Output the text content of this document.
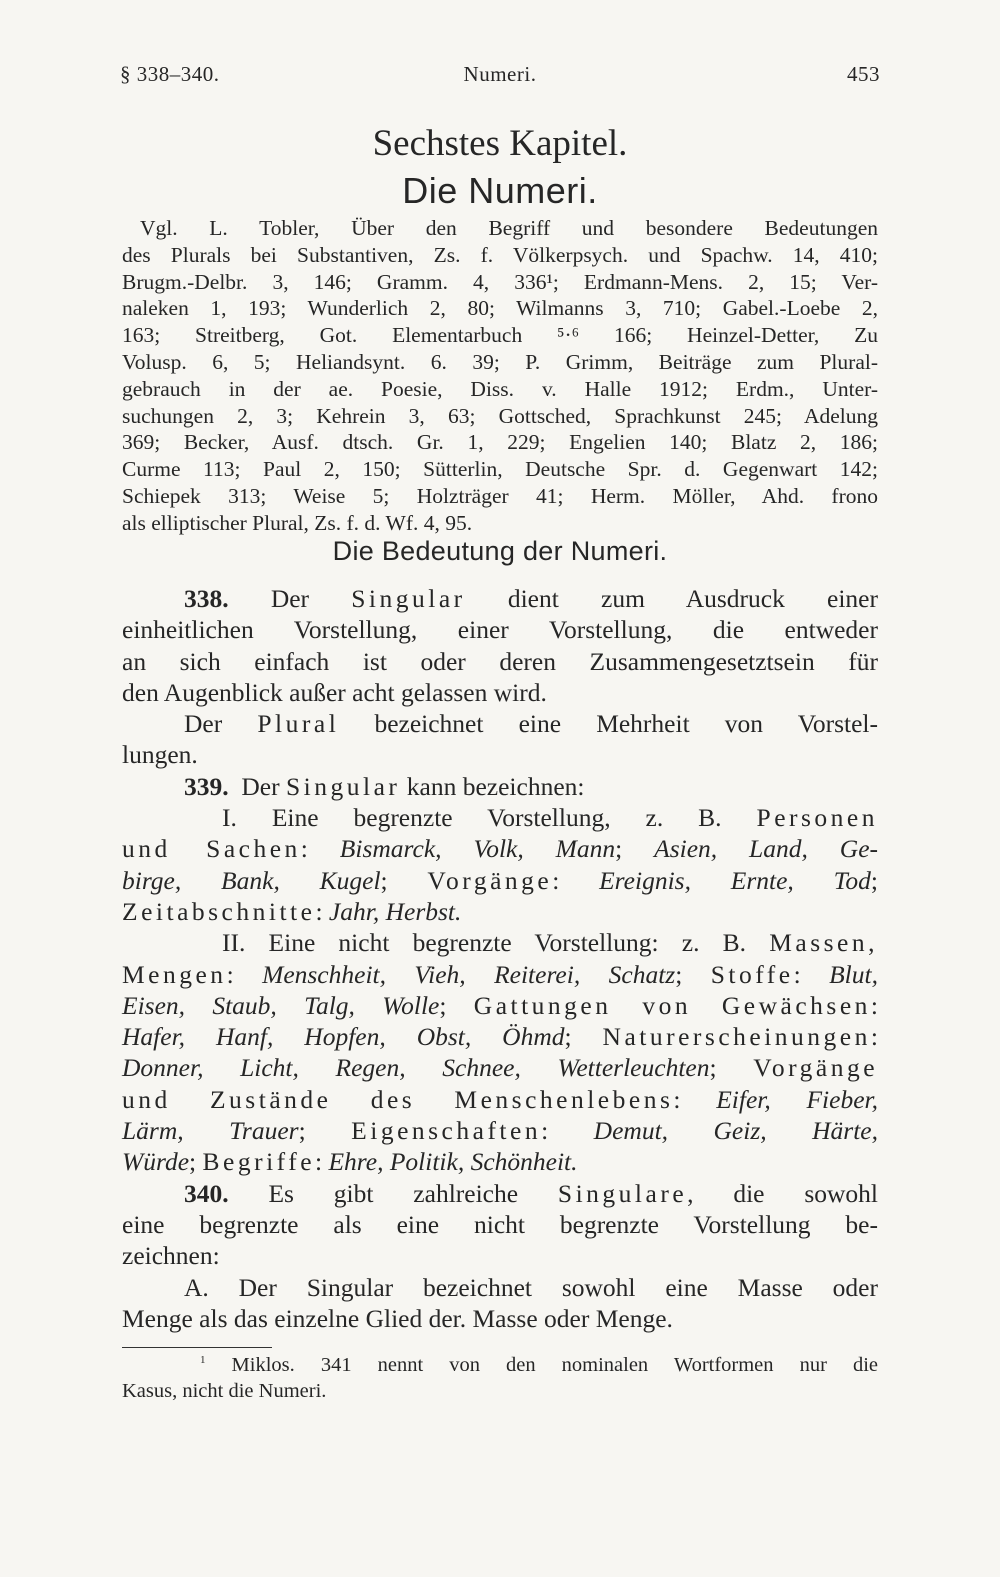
§ 338–340.	Numeri.	453
Sechstes Kapitel.
Die Numeri.
Vgl. L. Tobler, Über den Begriff und besondere Bedeutungen
des Plurals bei Substantiven, Zs. f. Völkerpsych. und Spachw. 14, 410;
Brugm.-Delbr. 3, 146; Gramm. 4, 336¹; Erdmann-Mens. 2, 15; Ver-
naleken 1, 193; Wunderlich 2, 80; Wilmanns 3, 710; Gabel.-Loebe 2,
163; Streitberg, Got. Elementarbuch ⁵·⁶ 166; Heinzel-Detter, Zu
Volusp. 6, 5; Heliandsynt. 6. 39; P. Grimm, Beiträge zum Plural-
gebrauch in der ae. Poesie, Diss. v. Halle 1912; Erdm., Unter-
suchungen 2, 3; Kehrein 3, 63; Gottsched, Sprachkunst 245; Adelung
369; Becker, Ausf. dtsch. Gr. 1, 229; Engelien 140; Blatz 2, 186;
Curme 113; Paul 2, 150; Sütterlin, Deutsche Spr. d. Gegenwart 142;
Schiepek 313; Weise 5; Holzträger 41; Herm. Möller, Ahd. frono
als elliptischer Plural, Zs. f. d. Wf. 4, 95.
Die Bedeutung der Numeri.
338. Der Singular dient zum Ausdruck einer
einheitlichen Vorstellung, einer Vorstellung, die entweder
an sich einfach ist oder deren Zusammengesetztsein für
den Augenblick außer acht gelassen wird.
Der Plural bezeichnet eine Mehrheit von Vorstel-
lungen.
339. Der Singular kann bezeichnen:
I. Eine begrenzte Vorstellung, z. B. Personen
und Sachen: Bismarck, Volk, Mann; Asien, Land, Ge-
birge, Bank, Kugel; Vorgänge: Ereignis, Ernte, Tod;
Zeitabschnitte: Jahr, Herbst.
II. Eine nicht begrenzte Vorstellung: z. B. Massen,
Mengen: Menschheit, Vieh, Reiterei, Schatz; Stoffe: Blut,
Eisen, Staub, Talg, Wolle; Gattungen von Gewächsen:
Hafer, Hanf, Hopfen, Obst, Öhmd; Naturerscheinungen:
Donner, Licht, Regen, Schnee, Wetterleuchten; Vorgänge
und Zustände des Menschenlebens: Eifer, Fieber,
Lärm, Trauer; Eigenschaften: Demut, Geiz, Härte,
Würde; Begriffe: Ehre, Politik, Schönheit.
340. Es gibt zahlreiche Singulare, die sowohl
eine begrenzte als eine nicht begrenzte Vorstellung be-
zeichnen:
A. Der Singular bezeichnet sowohl eine Masse oder
Menge als das einzelne Glied der. Masse oder Menge.
$^1$ Miklos. 341 nennt von den nominalen Wortformen nur die
Kasus, nicht die Numeri.
